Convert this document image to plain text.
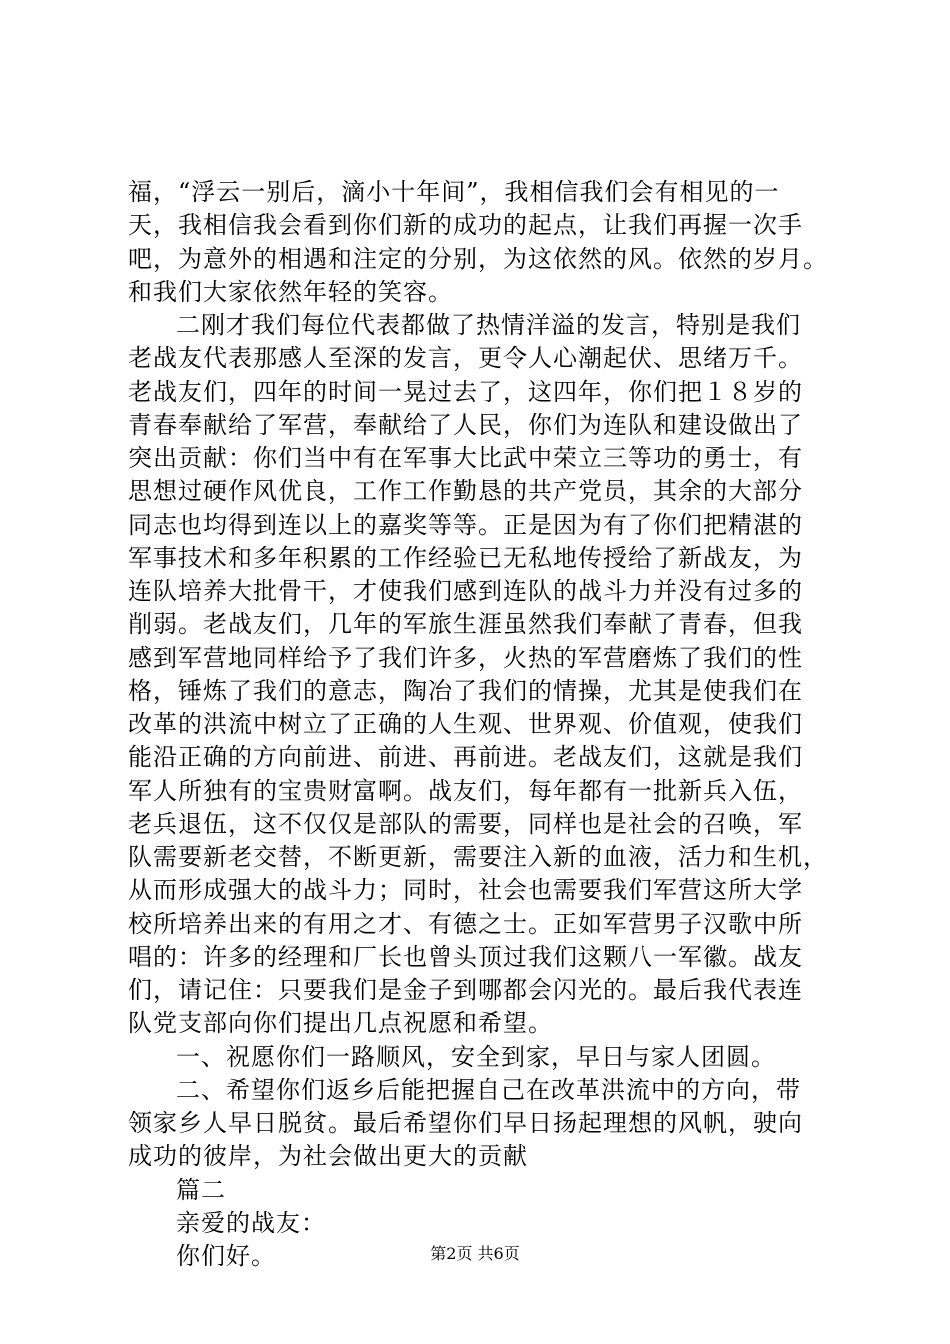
福，“浮云一别后，滴小十年间”，我相信我们会有相见的一
天，我相信我会看到你们新的成功的起点，让我们再握一次手
吧，为意外的相遇和注定的分别，为这依然的风。依然的岁月。
和我们大家依然年轻的笑容。
二刚才我们每位代表都做了热情洋溢的发言，特别是我们
老战友代表那感人至深的发言，更令人心潮起伏、思绪万千。
老战友们，四年的时间一晃过去了，这四年，你们把１８岁的
青春奉献给了军营，奉献给了人民，你们为连队和建设做出了
突出贡献：你们当中有在军事大比武中荣立三等功的勇士，有
思想过硬作风优良，工作工作勤恳的共产党员，其余的大部分
同志也均得到连以上的嘉奖等等。正是因为有了你们把精湛的
军事技术和多年积累的工作经验已无私地传授给了新战友，为
连队培养大批骨干，才使我们感到连队的战斗力并没有过多的
削弱。老战友们，几年的军旅生涯虽然我们奉献了青春，但我
感到军营地同样给予了我们许多，火热的军营磨炼了我们的性
格，锤炼了我们的意志，陶冶了我们的情操，尤其是使我们在
改革的洪流中树立了正确的人生观、世界观、价值观，使我们
能沿正确的方向前进、前进、再前进。老战友们，这就是我们
军人所独有的宝贵财富啊。战友们，每年都有一批新兵入伍，
老兵退伍，这不仅仅是部队的需要，同样也是社会的召唤，军
队需要新老交替，不断更新，需要注入新的血液，活力和生机，
从而形成强大的战斗力；同时，社会也需要我们军营这所大学
校所培养出来的有用之才、有德之士。正如军营男子汉歌中所
唱的：许多的经理和厂长也曾头顶过我们这颗八一军徽。战友
们，请记住：只要我们是金子到哪都会闪光的。最后我代表连
队党支部向你们提出几点祝愿和希望。
一、祝愿你们一路顺风，安全到家，早日与家人团圆。
二、希望你们返乡后能把握自己在改革洪流中的方向，带
领家乡人早日脱贫。最后希望你们早日扬起理想的风帆，驶向
成功的彼岸，为社会做出更大的贡献
篇二
亲爱的战友：
你们好。	第2页 共6页
